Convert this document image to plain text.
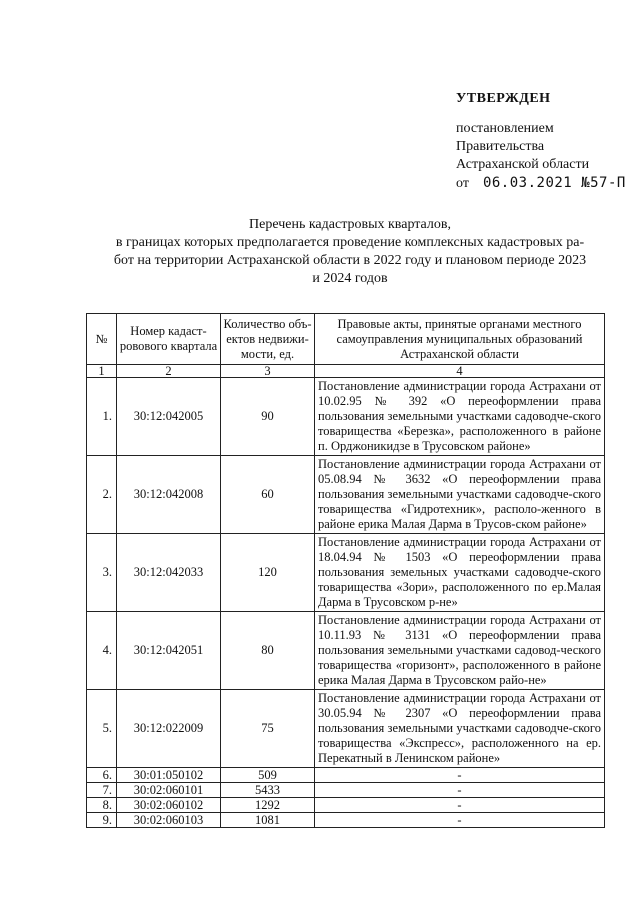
УТВЕРЖДЕН
постановлением
Правительства
Астраханской области
от 06.03.2021 №57-П
Перечень кадастровых кварталов,
в границах которых предполагается проведение комплексных кадастровых ра-
бот на территории Астраханской области в 2022 году и плановом периоде 2023
и 2024 годов
№	Номер кадаст-ровового квартала	Количество объ-ектов недвижи-мости, ед.	Правовые акты, принятые органами местного самоуправления муниципальных образований Астраханской области
1	2	3	4
1.	30:12:042005	90	Постановление администрации города Астрахани от 10.02.95 № 392 «О переоформлении права пользования земельными участками садоводче-ского товарищества «Березка», расположенного в районе п. Орджоникидзе в Трусовском районе»
2.	30:12:042008	60	Постановление администрации города Астрахани от 05.08.94 № 3632 «О переоформлении права пользования земельными участками садоводче-ского товарищества «Гидротехник», располо-женного в районе ерика Малая Дарма в Трусов-ском районе»
3.	30:12:042033	120	Постановление администрации города Астрахани от 18.04.94 № 1503 «О переоформлении права пользования земельных участками садоводче-ского товарищества «Зори», расположенного по ер.Малая Дарма в Трусовском р-не»
4.	30:12:042051	80	Постановление администрации города Астрахани от 10.11.93 № 3131 «О переоформлении права пользования земельными участками садовод-ческого товарищества «горизонт», расположенного в районе ерика Малая Дарма в Трусовском райо-не»
5.	30:12:022009	75	Постановление администрации города Астрахани от 30.05.94 № 2307 «О переоформлении права пользования земельными участками садоводче-ского товарищества «Экспресс», расположенного на ер. Перекатный в Ленинском районе»
6.	30:01:050102	509	-
7.	30:02:060101	5433	-
8.	30:02:060102	1292	-
9.	30:02:060103	1081	-
